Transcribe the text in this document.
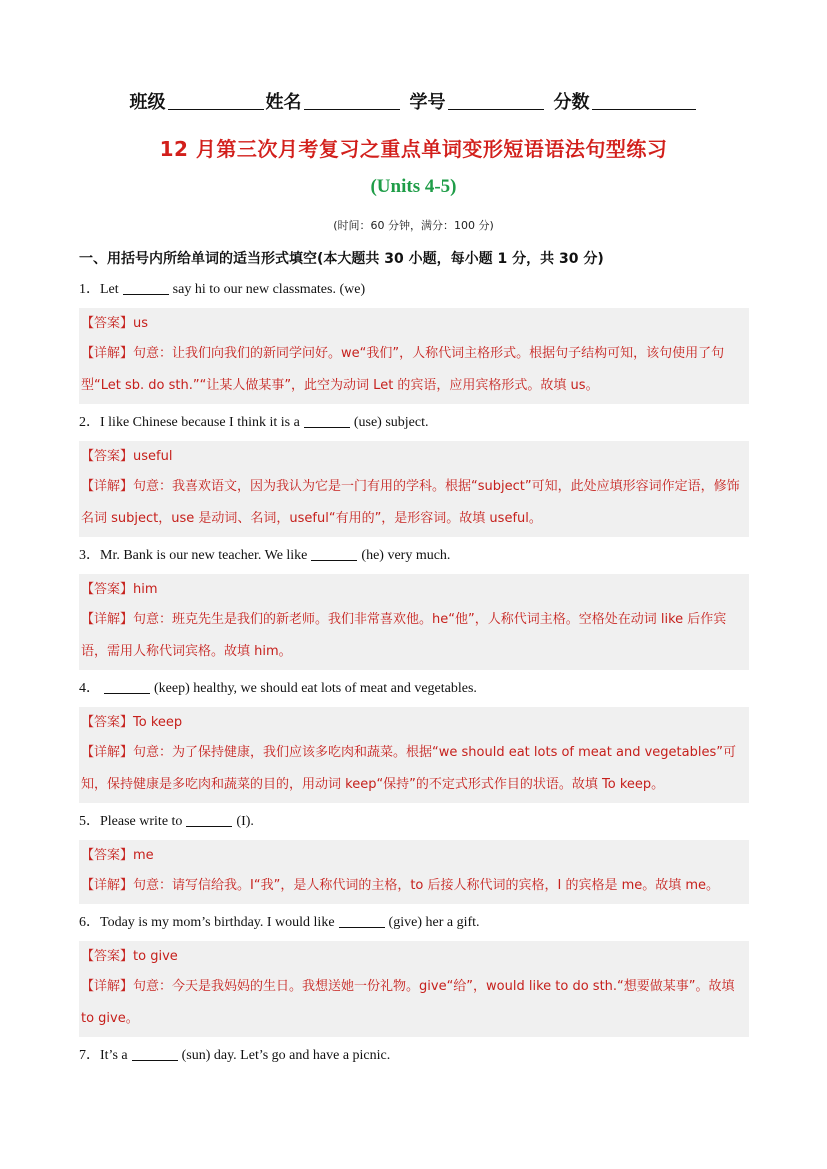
班级	姓名	学号	分数
12 月第三次月考复习之重点单词变形短语语法句型练习
(Units 4-5)
(时间：60 分钟，满分：100 分)
一、用括号内所给单词的适当形式填空(本大题共 30 小题，每小题 1 分，共 30 分)
1．Let	say hi to our new classmates. (we)
【答案】us
【详解】句意：让我们向我们的新同学问好。we“我们”，人称代词主格形式。根据句子结构可知，该句使用了句型“Let sb. do sth.”“让某人做某事”，此空为动词 Let 的宾语，应用宾格形式。故填 us。
2．I like Chinese because I think it is a	(use) subject.
【答案】useful
【详解】句意：我喜欢语文，因为我认为它是一门有用的学科。根据“subject”可知，此处应填形容词作定语，修饰名词 subject，use 是动词、名词，useful“有用的”，是形容词。故填 useful。
3．Mr. Bank is our new teacher. We like	(he) very much.
【答案】him
【详解】句意：班克先生是我们的新老师。我们非常喜欢他。he“他”，人称代词主格。空格处在动词 like 后作宾语，需用人称代词宾格。故填 him。
4．	(keep) healthy, we should eat lots of meat and vegetables.
【答案】To keep
【详解】句意：为了保持健康，我们应该多吃肉和蔬菜。根据“we should eat lots of meat and vegetables”可知，保持健康是多吃肉和蔬菜的目的，用动词 keep“保持”的不定式形式作目的状语。故填 To keep。
5．Please write to	(I).
【答案】me
【详解】句意：请写信给我。I“我”，是人称代词的主格，to 后接人称代词的宾格，I 的宾格是 me。故填 me。
6．Today is my mom’s birthday. I would like	(give) her a gift.
【答案】to give
【详解】句意：今天是我妈妈的生日。我想送她一份礼物。give“给”，would like to do sth.“想要做某事”。故填 to give。
7．It’s a	(sun) day. Let’s go and have a picnic.
